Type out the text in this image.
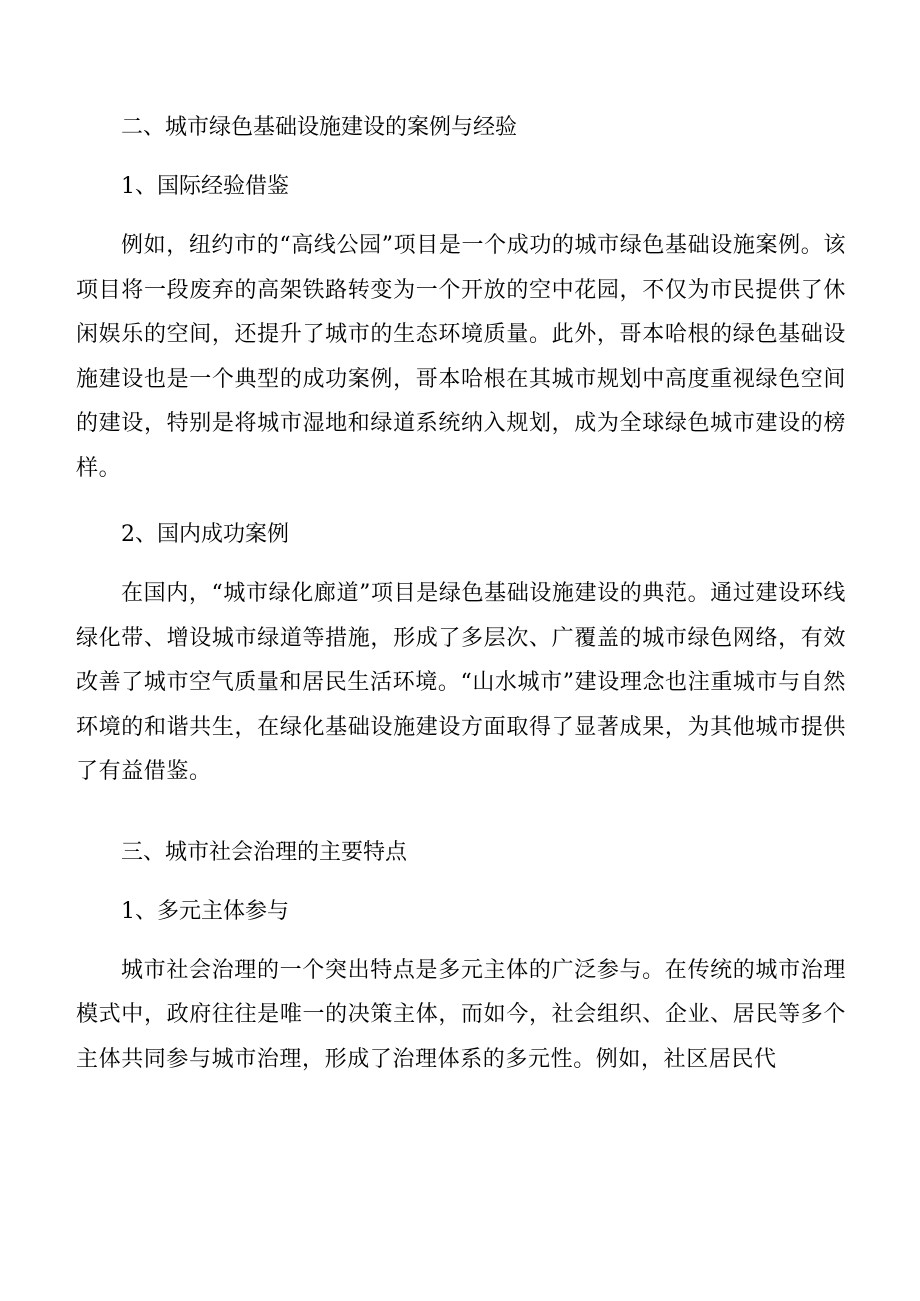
二、城市绿色基础设施建设的案例与经验
1、国际经验借鉴

例如，纽约市的“高线公园”项目是一个成功的城市绿色基础设施案例。该项目将一段废弃的高架铁路转变为一个开放的空中花园，不仅为市民提供了休闲娱乐的空间，还提升了城市的生态环境质量。此外，哥本哈根的绿色基础设施建设也是一个典型的成功案例，哥本哈根在其城市规划中高度重视绿色空间的建设，特别是将城市湿地和绿道系统纳入规划，成为全球绿色城市建设的榜样。

2、国内成功案例

在国内，“城市绿化廊道”项目是绿色基础设施建设的典范。通过建设环线绿化带、增设城市绿道等措施，形成了多层次、广覆盖的城市绿色网络，有效改善了城市空气质量和居民生活环境。“山水城市”建设理念也注重城市与自然环境的和谐共生，在绿化基础设施建设方面取得了显著成果，为其他城市提供了有益借鉴。

三、城市社会治理的主要特点
1、多元主体参与

城市社会治理的一个突出特点是多元主体的广泛参与。在传统的城市治理模式中，政府往往是唯一的决策主体，而如今，社会组织、企业、居民等多个主体共同参与城市治理，形成了治理体系的多元性。例如，社区居民代
